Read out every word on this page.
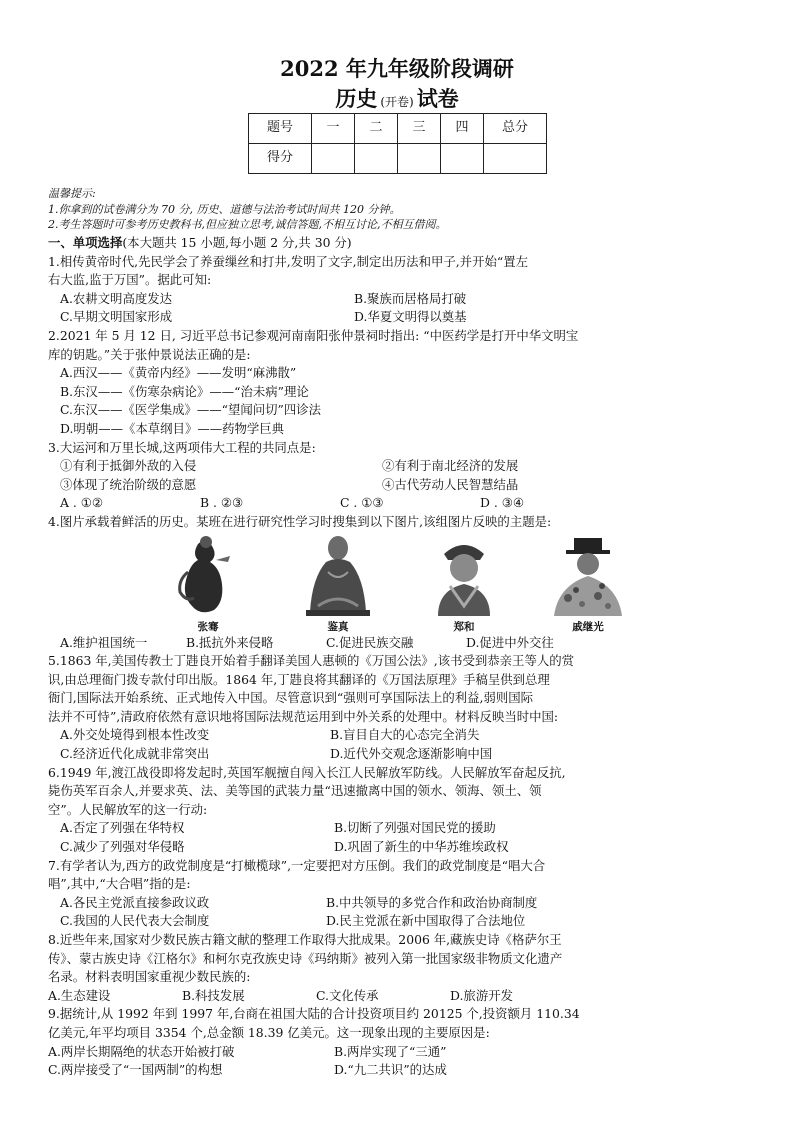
2022 年九年级阶段调研
历史 (开卷) 试卷
题号	一	二	三	四	总分
得分					
温馨提示:
1.你拿到的试卷满分为 70 分, 历史、道德与法治考试时间共 120 分钟。
2.考生答题时可参考历史教科书,但应独立思考,诚信答题,不相互讨论,不相互借阅。
一、单项选择(本大题共 15 小题,每小题 2 分,共 30 分)
1.相传黄帝时代,先民学会了养蚕缫丝和打井,发明了文字,制定出历法和甲子,并开始“置左
右大监,监于万国”。据此可知:
A.农耕文明高度发达	B.聚族而居格局打破
C.早期文明国家形成	D.华夏文明得以奠基
2.2021 年 5 月 12 日, 习近平总书记参观河南南阳张仲景祠时指出: “中医药学是打开中华文明宝
库的钥匙。”关于张仲景说法正确的是:
A.西汉——《黄帝内经》——发明“麻沸散”
B.东汉——《伤寒杂病论》——“治未病”理论
C.东汉——《医学集成》——“望闻问切”四诊法
D.明朝——《本草纲目》——药物学巨典
3.大运河和万里长城,这两项伟大工程的共同点是:
①有利于抵御外敌的入侵	②有利于南北经济的发展
③体现了统治阶级的意愿	④古代劳动人民智慧结晶
A . ①②	B . ②③	C . ①③	D . ③④
4.图片承载着鲜活的历史。某班在进行研究性学习时搜集到以下图片,该组图片反映的主题是:
张骞	鉴真	郑和	戚继光
A.维护祖国统一	B.抵抗外来侵略	C.促进民族交融	D.促进中外交往
5.1863 年,美国传教士丁韪良开始着手翻译美国人惠顿的《万国公法》,该书受到恭亲王等人的赏
识,由总理衙门拨专款付印出版。1864 年,丁韪良将其翻译的《万国法原理》手稿呈供到总理
衙门,国际法开始系统、正式地传入中国。尽管意识到“强则可享国际法上的利益,弱则国际
法并不可恃”,清政府依然有意识地将国际法规范运用到中外关系的处理中。材料反映当时中国:
A.外交处境得到根本性改变	B.盲目自大的心态完全消失
C.经济近代化成就非常突出	D.近代外交观念逐渐影响中国
6.1949 年,渡江战役即将发起时,英国军舰擅自闯入长江人民解放军防线。人民解放军奋起反抗,
毙伤英军百余人,并要求英、法、美等国的武装力量“迅速撤离中国的领水、领海、领土、领
空”。人民解放军的这一行动:
A.否定了列强在华特权	B.切断了列强对国民党的援助
C.减少了列强对华侵略	D.巩固了新生的中华苏维埃政权
7.有学者认为,西方的政党制度是“打橄榄球”,一定要把对方压倒。我们的政党制度是“唱大合
唱”,其中,“大合唱”指的是:
A.各民主党派直接参政议政	B.中共领导的多党合作和政治协商制度
C.我国的人民代表大会制度	D.民主党派在新中国取得了合法地位
8.近些年来,国家对少数民族古籍文献的整理工作取得大批成果。2006 年,藏族史诗《格萨尔王
传》、蒙古族史诗《江格尔》和柯尔克孜族史诗《玛纳斯》被列入第一批国家级非物质文化遗产
名录。材料表明国家重视少数民族的:
A.生态建设	B.科技发展	C.文化传承	D.旅游开发
9.据统计,从 1992 年到 1997 年,台商在祖国大陆的合计投资项目约 20125 个,投资额月 110.34
亿美元,年平均项目 3354 个,总金额 18.39 亿美元。这一现象出现的主要原因是:
A.两岸长期隔绝的状态开始被打破	B.两岸实现了“三通”
C.两岸接受了“一国两制”的构想	D.“九二共识”的达成
